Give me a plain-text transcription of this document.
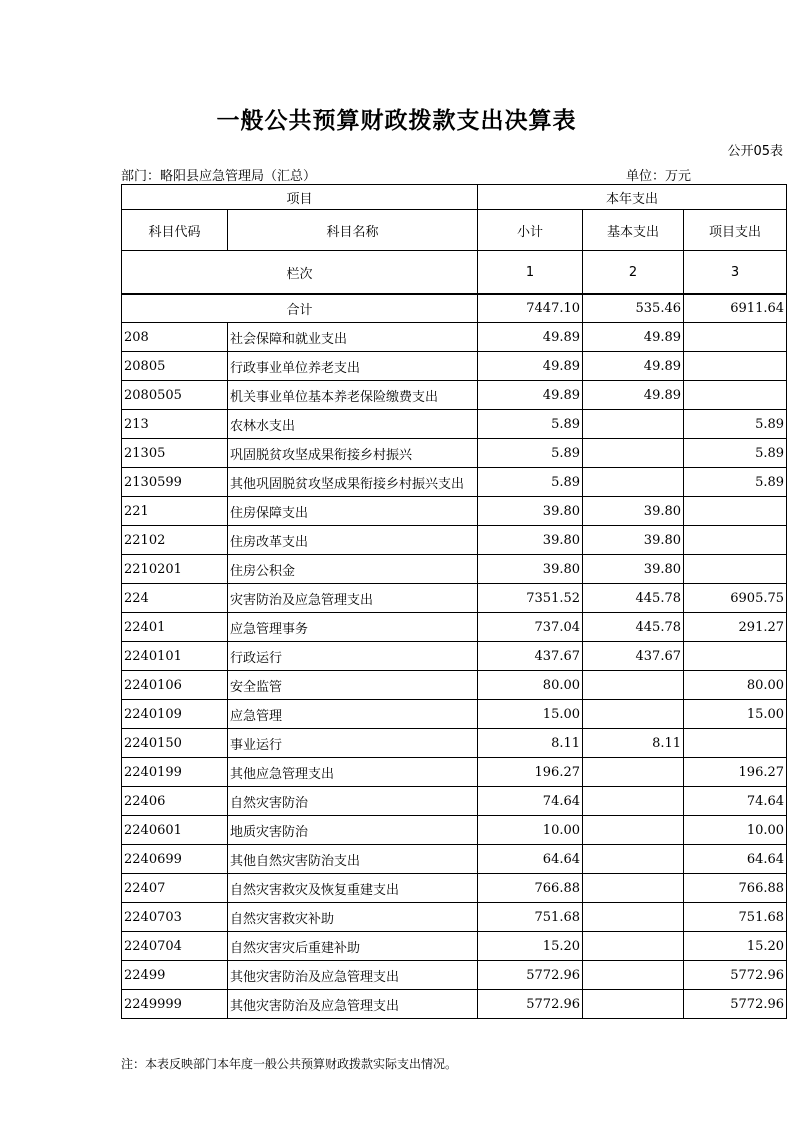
一般公共预算财政拨款支出决算表
公开05表
部门：略阳县应急管理局（汇总）	单位：万元
项目		本年支出		
科目代码	科目名称	小计	基本支出	项目支出
栏次		1	2	3
合计		7447.10	535.46	6911.64
208	社会保障和就业支出	49.89	49.89	
20805	行政事业单位养老支出	49.89	49.89	
2080505	机关事业单位基本养老保险缴费支出	49.89	49.89	
213	农林水支出	5.89		5.89
21305	巩固脱贫攻坚成果衔接乡村振兴	5.89		5.89
2130599	其他巩固脱贫攻坚成果衔接乡村振兴支出	5.89		5.89
221	住房保障支出	39.80	39.80	
22102	住房改革支出	39.80	39.80	
2210201	住房公积金	39.80	39.80	
224	灾害防治及应急管理支出	7351.52	445.78	6905.75
22401	应急管理事务	737.04	445.78	291.27
2240101	行政运行	437.67	437.67	
2240106	安全监管	80.00		80.00
2240109	应急管理	15.00		15.00
2240150	事业运行	8.11	8.11	
2240199	其他应急管理支出	196.27		196.27
22406	自然灾害防治	74.64		74.64
2240601	地质灾害防治	10.00		10.00
2240699	其他自然灾害防治支出	64.64		64.64
22407	自然灾害救灾及恢复重建支出	766.88		766.88
2240703	自然灾害救灾补助	751.68		751.68
2240704	自然灾害灾后重建补助	15.20		15.20
22499	其他灾害防治及应急管理支出	5772.96		5772.96
2249999	其他灾害防治及应急管理支出	5772.96		5772.96
注：本表反映部门本年度一般公共预算财政拨款实际支出情况。
